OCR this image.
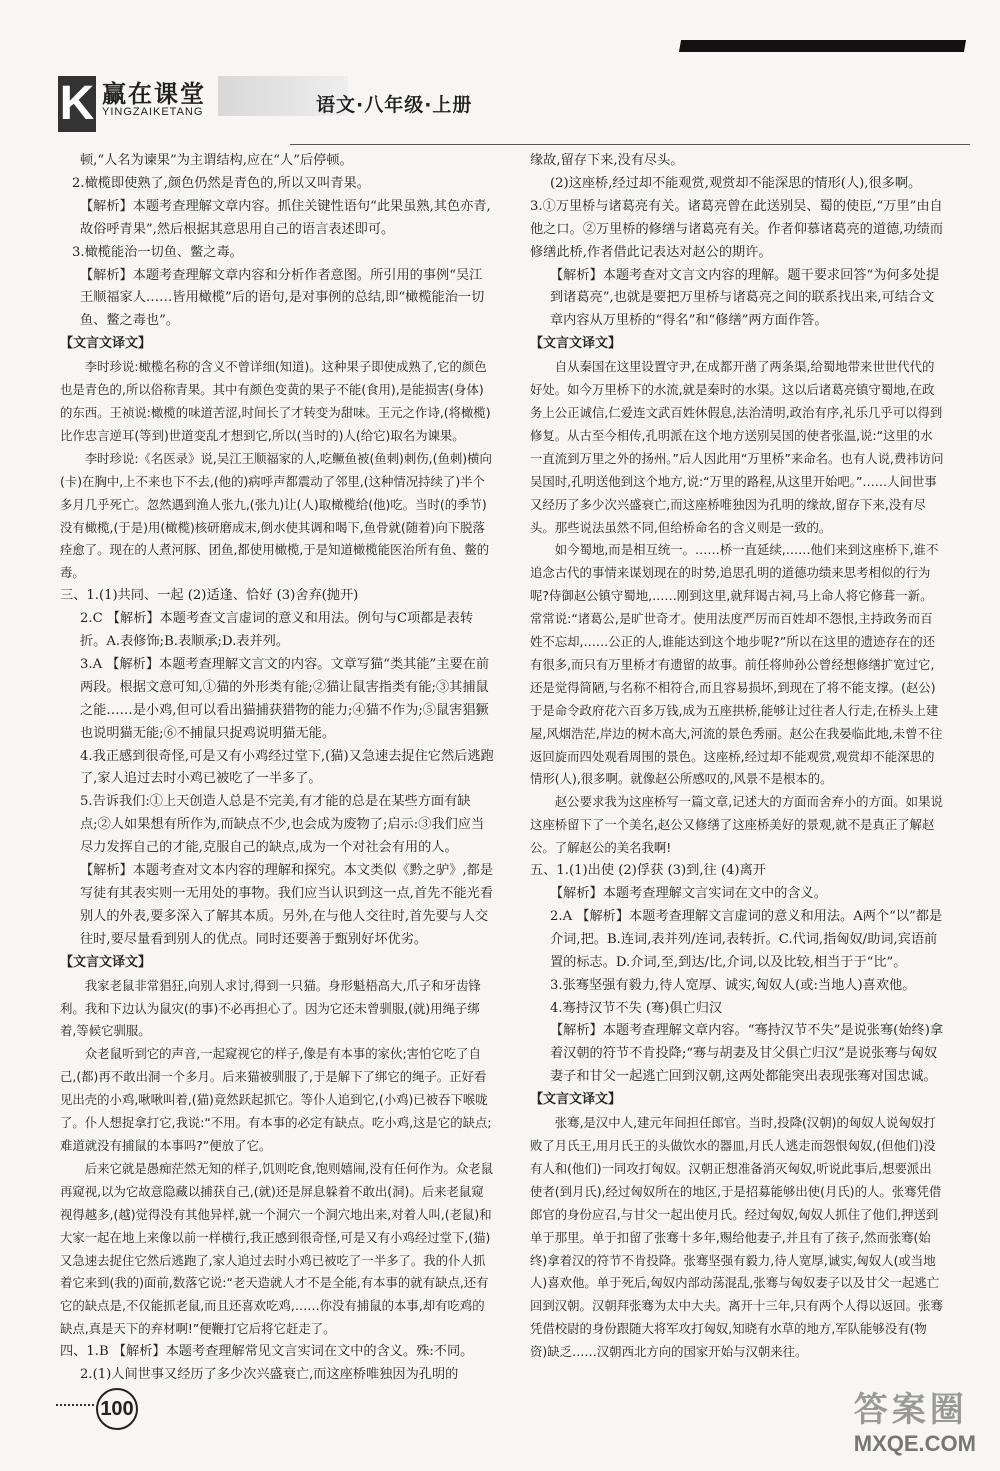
K 赢在课堂
YINGZAIKETANG	语文·八年级·上册

顿,“人名为谏果”为主谓结构,应在“人”后停顿。

2.橄榄即使熟了,颜色仍然是青色的,所以又叫青果。

【解析】本题考查理解文章内容。抓住关键性语句“此果虽熟,其色亦青,故俗呼青果”,然后根据其意思用自己的语言表述即可。

3.橄榄能治一切鱼、鳖之毒。

【解析】本题考查理解文章内容和分析作者意图。所引用的事例“吴江王顺福家人……皆用橄榄”后的语句,是对事例的总结,即“橄榄能治一切鱼、鳖之毒也”。

【文言文译文】

李时珍说:橄榄名称的含义不曾详细(知道)。这种果子即使成熟了,它的颜色也是青色的,所以俗称青果。其中有颜色变黄的果子不能(食用),是能损害(身体)的东西。王祯说:橄榄的味道苦涩,时间长了才转变为甜味。王元之作诗,(将橄榄)比作忠言逆耳(等到)世道变乱才想到它,所以(当时的)人(给它)取名为谏果。

李时珍说:《名医录》说,吴江王顺福家的人,吃鳜鱼被(鱼刺)刺伤,(鱼刺)横向(卡)在胸中,上不来也下不去,(他的)病呼声都震动了邻里,(这种情况持续了)半个多月几乎死亡。忽然遇到渔人张九,(张九)让(人)取橄榄给(他)吃。当时(的季节)没有橄榄,(于是)用(橄榄)核研磨成末,倒水使其调和喝下,鱼骨就(随着)向下脱落痊愈了。现在的人煮河豚、团鱼,都使用橄榄,于是知道橄榄能医治所有鱼、鳖的毒。

三、1.(1)共同、一起 (2)适逢、恰好 (3)舍弃(抛开)

2.C 【解析】本题考查文言虚词的意义和用法。例句与C项都是表转折。A.表修饰;B.表顺承;D.表并列。

3.A 【解析】本题考查理解文言文的内容。文章写猫“类其能”主要在前两段。根据文意可知,①猫的外形类有能;②猫让鼠害指类有能;③其捕鼠之能……是小鸡,但可以看出猫捕获猎物的能力;④猫不作为;⑤鼠害猖獗也说明猫无能;⑥不捕鼠只捉鸡说明猫无能。

4.我正感到很奇怪,可是又有小鸡经过堂下,(猫)又急速去捉住它然后逃跑了,家人追过去时小鸡已被吃了一半多了。

5.告诉我们:①上天创造人总是不完美,有才能的总是在某些方面有缺点;②人如果想有所作为,而缺点不少,也会成为废物了;启示:③我们应当尽力发挥自己的才能,克服自己的缺点,成为一个对社会有用的人。

【解析】本题考查对文本内容的理解和探究。本文类似《黔之驴》,都是写徒有其表实则一无用处的事物。我们应当认识到这一点,首先不能光看别人的外表,要多深入了解其本质。另外,在与他人交往时,首先要与人交往时,要尽量看到别人的优点。同时还要善于甄别好坏优劣。

【文言文译文】

我家老鼠非常猖狂,向别人求讨,得到一只猫。身形魁梧高大,爪子和牙齿锋利。我和下边认为鼠灾(的事)不必再担心了。因为它还未曾驯服,(就)用绳子绑着,等候它驯服。

众老鼠听到它的声音,一起窥视它的样子,像是有本事的家伙;害怕它吃了自己,(都)再不敢出洞一个多月。后来猫被驯服了,于是解下了绑它的绳子。正好看见出壳的小鸡,啾啾叫着,(猫)竟然跃起抓它。等仆人追到它,(小鸡)已被吞下喉咙了。仆人想捉拿打它,我说:“不用。有本事的必定有缺点。吃小鸡,这是它的缺点;难道就没有捕鼠的本事吗?”便放了它。

后来它就是愚痴茫然无知的样子,饥则吃食,饱则嬉闹,没有任何作为。众老鼠再窥视,以为它故意隐藏以捕获自己,(就)还是屏息躲着不敢出(洞)。后来老鼠窥视得越多,(越)觉得没有其他异样,就一个洞穴一个洞穴地出来,对着人叫,(老鼠)和大家一起在地上来像以前一样横行,我正感到很奇怪,可是又有小鸡经过堂下,(猫)又急速去捉住它然后逃跑了,家人追过去时小鸡已被吃了一半多了。我的仆人抓着它来到(我的)面前,数落它说:“老天造就人才不是全能,有本事的就有缺点,还有它的缺点是,不仅能抓老鼠,而且还喜欢吃鸡,……你没有捕鼠的本事,却有吃鸡的缺点,真是天下的弃材啊!”便鞭打它后将它赶走了。

四、1.B 【解析】本题考查理解常见文言实词在文中的含义。殊:不同。

2.(1)人间世事又经历了多少次兴盛衰亡,而这座桥唯独因为孔明的

缘故,留存下来,没有尽头。

(2)这座桥,经过却不能观赏,观赏却不能深思的情形(人),很多啊。

3.①万里桥与诸葛亮有关。诸葛亮曾在此送别吴、蜀的使臣,“万里”由自他之口。②万里桥的修缮与诸葛亮有关。作者仰慕诸葛亮的道德,功绩而修缮此桥,作者借此记表达对赵公的期许。

【解析】本题考查对文言文内容的理解。题干要求回答“为何多处提到诸葛亮”,也就是要把万里桥与诸葛亮之间的联系找出来,可结合文章内容从万里桥的“得名”和“修缮”两方面作答。

【文言文译文】

自从秦国在这里设置守尹,在成都开凿了两条渠,给蜀地带来世世代代的好处。如今万里桥下的水流,就是秦时的水渠。这以后诸葛亮镇守蜀地,在政务上公正诚信,仁爱连文武百姓休假息,法治清明,政治有序,礼乐几乎可以得到修复。从古至今相传,孔明派在这个地方送别吴国的使者张温,说:“这里的水一直流到万里之外的扬州。”后人因此用“万里桥”来命名。也有人说,费祎访问吴国时,孔明送他到这个地方,说:“万里的路程,从这里开始吧。”……人间世事又经历了多少次兴盛衰亡,而这座桥唯独因为孔明的缘故,留存下来,没有尽头。那些说法虽然不同,但给桥命名的含义则是一致的。

如今蜀地,而是相互统一。……桥一直延续,……他们来到这座桥下,谁不追念古代的事情来谋划现在的时势,追思孔明的道德功绩来思考相似的行为呢?侍御赵公镇守蜀地,……刚到这里,就拜谒古祠,马上命人将它修葺一新。常常说:“诸葛公,是旷世奇才。使用法度严厉而百姓却不怨恨,主持政务而百姓不忘却,……公正的人,谁能达到这个地步呢?”所以在这里的遗迹存在的还有很多,而只有万里桥才有遗留的故事。前任将帅孙公曾经想修缮扩宽过它,还是觉得简陋,与名称不相符合,而且容易损坏,到现在了将不能支撑。(赵公)于是命令政府花六百多万钱,成为五座拱桥,能够让过往者人行走,在桥头上建屋,风烟浩茫,岸边的树木高大,河流的景色秀丽。赵公在我晏临此地,未曾不往返回旋而四处观看周围的景色。这座桥,经过却不能观赏,观赏却不能深思的情形(人),很多啊。就像赵公所感叹的,风景不是根本的。

赵公要求我为这座桥写一篇文章,记述大的方面而舍弃小的方面。如果说这座桥留下了一个美名,赵公又修缮了这座桥美好的景观,就不是真正了解赵公。了解赵公的美名我啊!

五、1.(1)出使 (2)俘获 (3)到,往 (4)离开

【解析】本题考查理解文言实词在文中的含义。

2.A 【解析】本题考查理解文言虚词的意义和用法。A两个“以”都是介词,把。B.连词,表并列/连词,表转折。C.代词,指匈奴/助词,宾语前置的标志。D.介词,至,到达/比,介词,以及比较,相当于于“比”。

3.张骞坚强有毅力,待人宽厚、诚实,匈奴人(或:当地人)喜欢他。

4.骞持汉节不失 (骞)俱亡归汉

【解析】本题考查理解文章内容。“骞持汉节不失”是说张骞(始终)拿着汉朝的符节不肯投降;“骞与胡妻及甘父俱亡归汉”是说张骞与匈奴妻子和甘父一起逃亡回到汉朝,这两处都能突出表现张骞对国忠诚。

【文言文译文】

张骞,是汉中人,建元年间担任郎官。当时,投降(汉朝)的匈奴人说匈奴打败了月氏王,用月氏王的头做饮水的器皿,月氏人逃走而怨恨匈奴,(但他们)没有人和(他们)一同攻打匈奴。汉朝正想准备消灭匈奴,听说此事后,想要派出使者(到月氏),经过匈奴所在的地区,于是招募能够出使(月氏)的人。张骞凭借郎官的身份应召,与甘父一起出使月氏。经过匈奴,匈奴人抓住了他们,押送到单于那里。单于扣留了张骞十多年,赐给他妻子,并且有了孩子,然而张骞(始终)拿着汉的符节不肯投降。张骞坚强有毅力,待人宽厚,诚实,匈奴人(或当地人)喜欢他。单于死后,匈奴内部动荡混乱,张骞与匈奴妻子以及甘父一起逃亡回到汉朝。汉朝拜张骞为太中大夫。离开十三年,只有两个人得以返回。张骞凭借校尉的身份跟随大将军攻打匈奴,知晓有水草的地方,军队能够没有(物资)缺乏……汉朝西北方向的国家开始与汉朝来往。

100	答案圈
MXQE.COM
